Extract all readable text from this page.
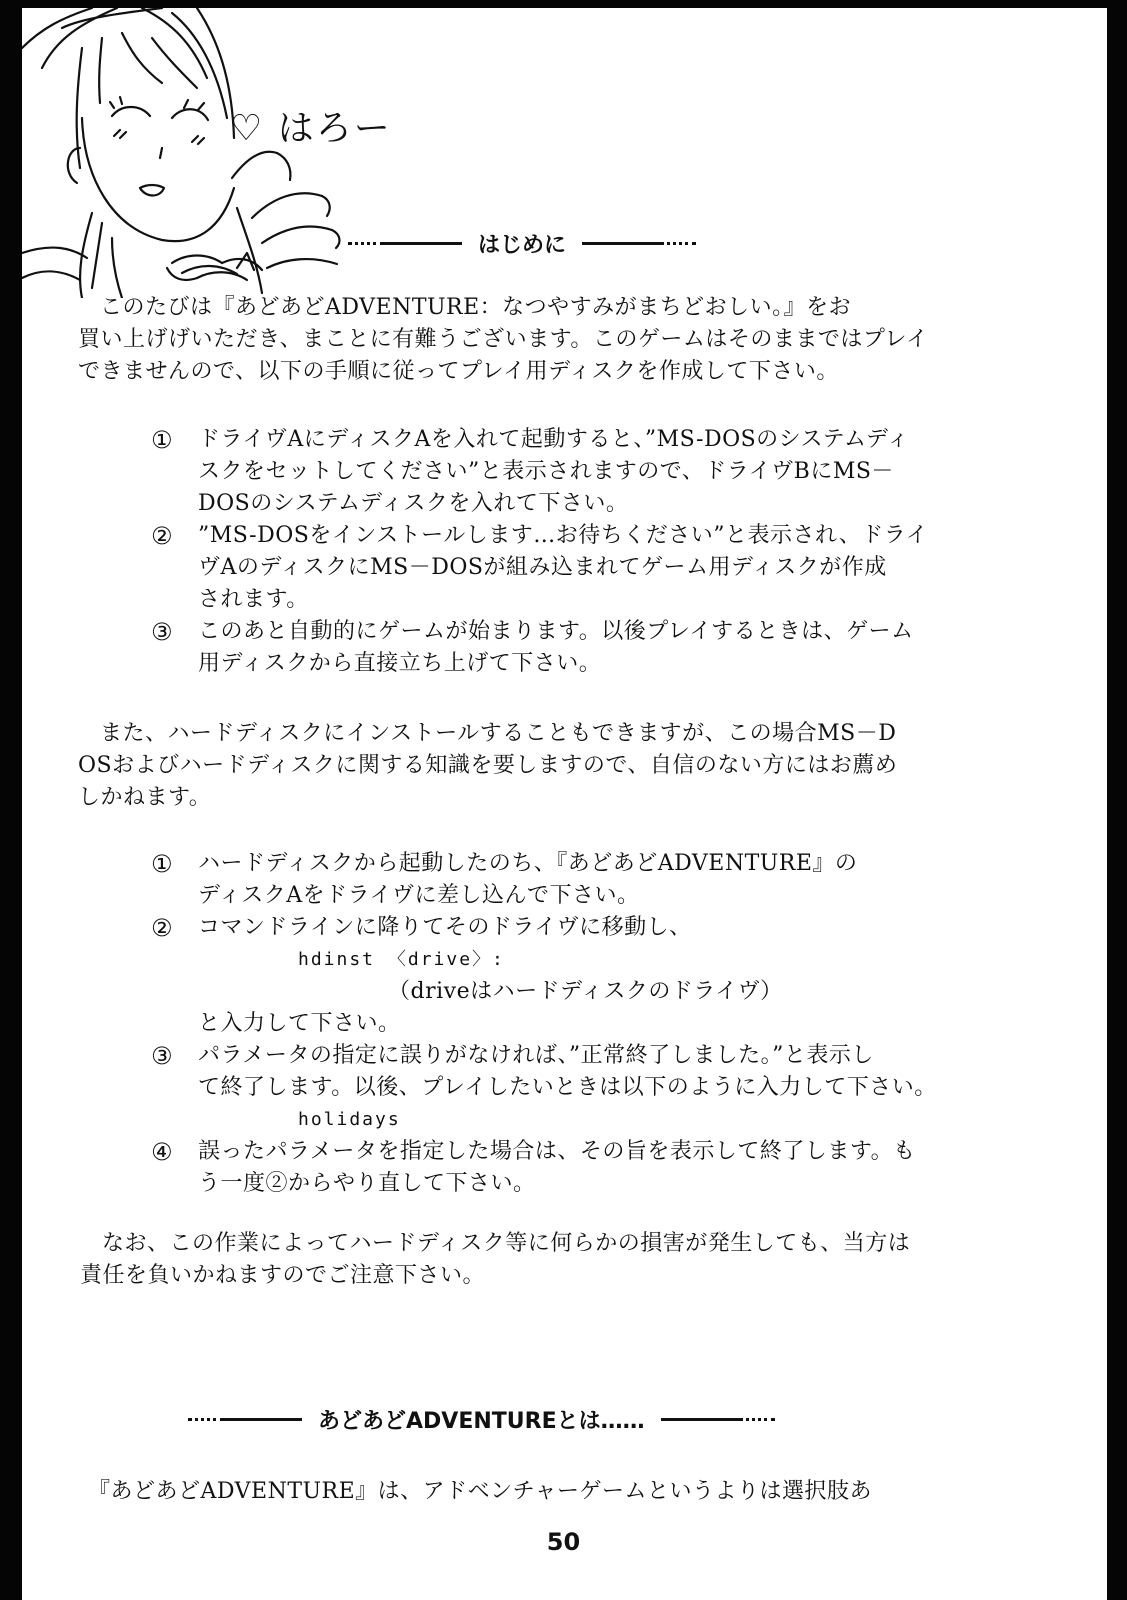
♡ はろー
はじめに

このたびは『あどあどADVENTURE：なつやすみがまちどおしい。』をお
買い上げげいただき、まことに有難うございます。このゲームはそのままではプレイ
できませんので、以下の手順に従ってプレイ用ディスクを作成して下さい。

① ドライヴAにディスクAを入れて起動すると、”MS-DOSのシステムディ
スクをセットしてください”と表示されますので、ドライヴBにMS－
DOSのシステムディスクを入れて下さい。
② ”MS-DOSをインストールします…お待ちください”と表示され、ドライ
ヴAのディスクにMS－DOSが組み込まれてゲーム用ディスクが作成
されます。
③ このあと自動的にゲームが始まります。以後プレイするときは、ゲーム
用ディスクから直接立ち上げて下さい。

また、ハードディスクにインストールすることもできますが、この場合MS－D
OSおよびハードディスクに関する知識を要しますので、自信のない方にはお薦め
しかねます。

① ハードディスクから起動したのち、『あどあどADVENTURE』の
ディスクAをドライヴに差し込んで下さい。
② コマンドラインに降りてそのドライヴに移動し、
hdinst 〈drive〉:
（driveはハードディスクのドライヴ）
と入力して下さい。
③ パラメータの指定に誤りがなければ、”正常終了しました。”と表示し
て終了します。以後、プレイしたいときは以下のように入力して下さい。
holidays
④ 誤ったパラメータを指定した場合は、その旨を表示して終了します。も
う一度②からやり直して下さい。

なお、この作業によってハードディスク等に何らかの損害が発生しても、当方は
責任を負いかねますのでご注意下さい。

あどあどADVENTUREとは……

『あどあどADVENTURE』は、アドベンチャーゲームというよりは選択肢あ

50
